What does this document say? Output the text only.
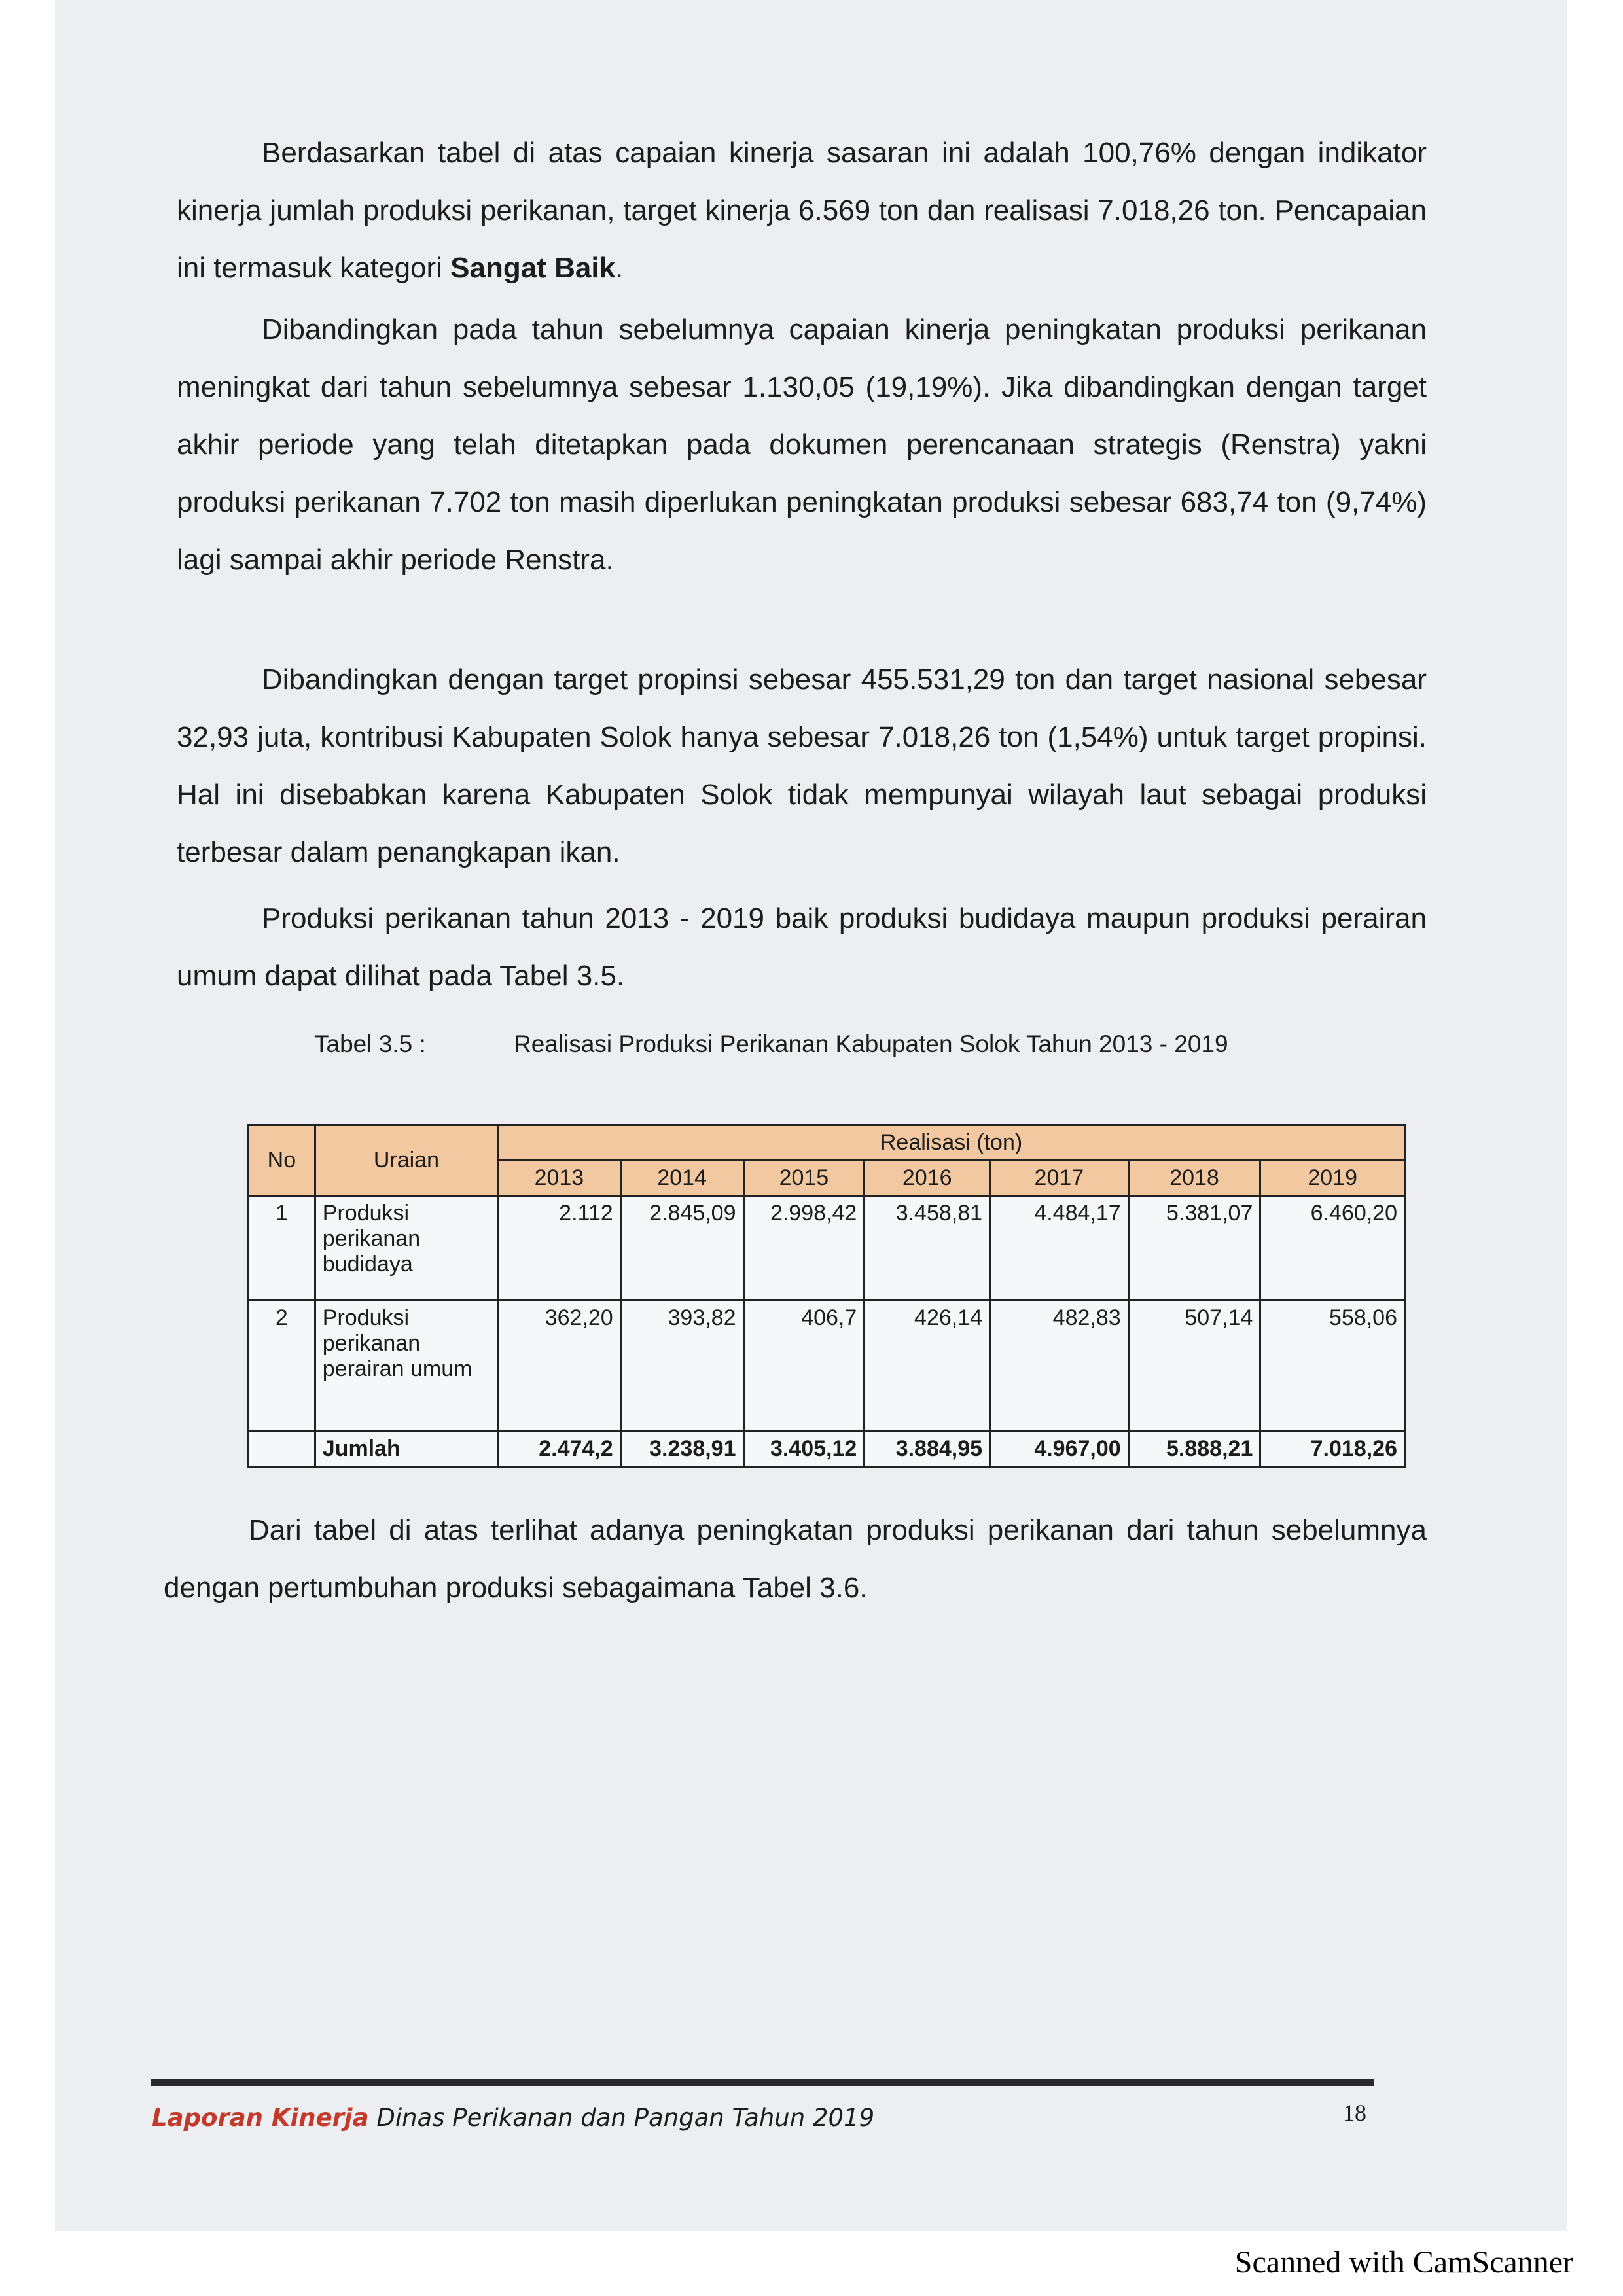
Berdasarkan tabel di atas capaian kinerja sasaran ini adalah 100,76% dengan indikator kinerja jumlah produksi perikanan, target kinerja 6.569 ton dan realisasi 7.018,26 ton. Pencapaian ini termasuk kategori Sangat Baik.

Dibandingkan pada tahun sebelumnya capaian kinerja peningkatan produksi perikanan meningkat dari tahun sebelumnya sebesar 1.130,05 (19,19%). Jika dibandingkan dengan target akhir periode yang telah ditetapkan pada dokumen perencanaan strategis (Renstra) yakni produksi perikanan 7.702 ton masih diperlukan peningkatan produksi sebesar 683,74 ton (9,74%) lagi sampai akhir periode Renstra.

Dibandingkan dengan target propinsi sebesar 455.531,29 ton dan target nasional sebesar 32,93 juta, kontribusi Kabupaten Solok hanya sebesar 7.018,26 ton (1,54%) untuk target propinsi. Hal ini disebabkan karena Kabupaten Solok tidak mempunyai wilayah laut sebagai produksi terbesar dalam penangkapan ikan.

Produksi perikanan tahun 2013 - 2019 baik produksi budidaya maupun produksi perairan umum dapat dilihat pada Tabel 3.5.

Tabel 3.5 :	Realisasi Produksi Perikanan Kabupaten Solok Tahun 2013 - 2019
No	Uraian	Realisasi (ton)						
		2013	2014	2015	2016	2017	2018	2019
1	Produksi perikanan budidaya	2.112	2.845,09	2.998,42	3.458,81	4.484,17	5.381,07	6.460,20
2	Produksi perikanan perairan umum	362,20	393,82	406,7	426,14	482,83	507,14	558,06
	Jumlah	2.474,2	3.238,91	3.405,12	3.884,95	4.967,00	5.888,21	7.018,26

Dari tabel di atas terlihat adanya peningkatan produksi perikanan dari tahun sebelumnya dengan pertumbuhan produksi sebagaimana Tabel 3.6.

Laporan Kinerja Dinas Perikanan dan Pangan Tahun 2019	18
Scanned with CamScanner
